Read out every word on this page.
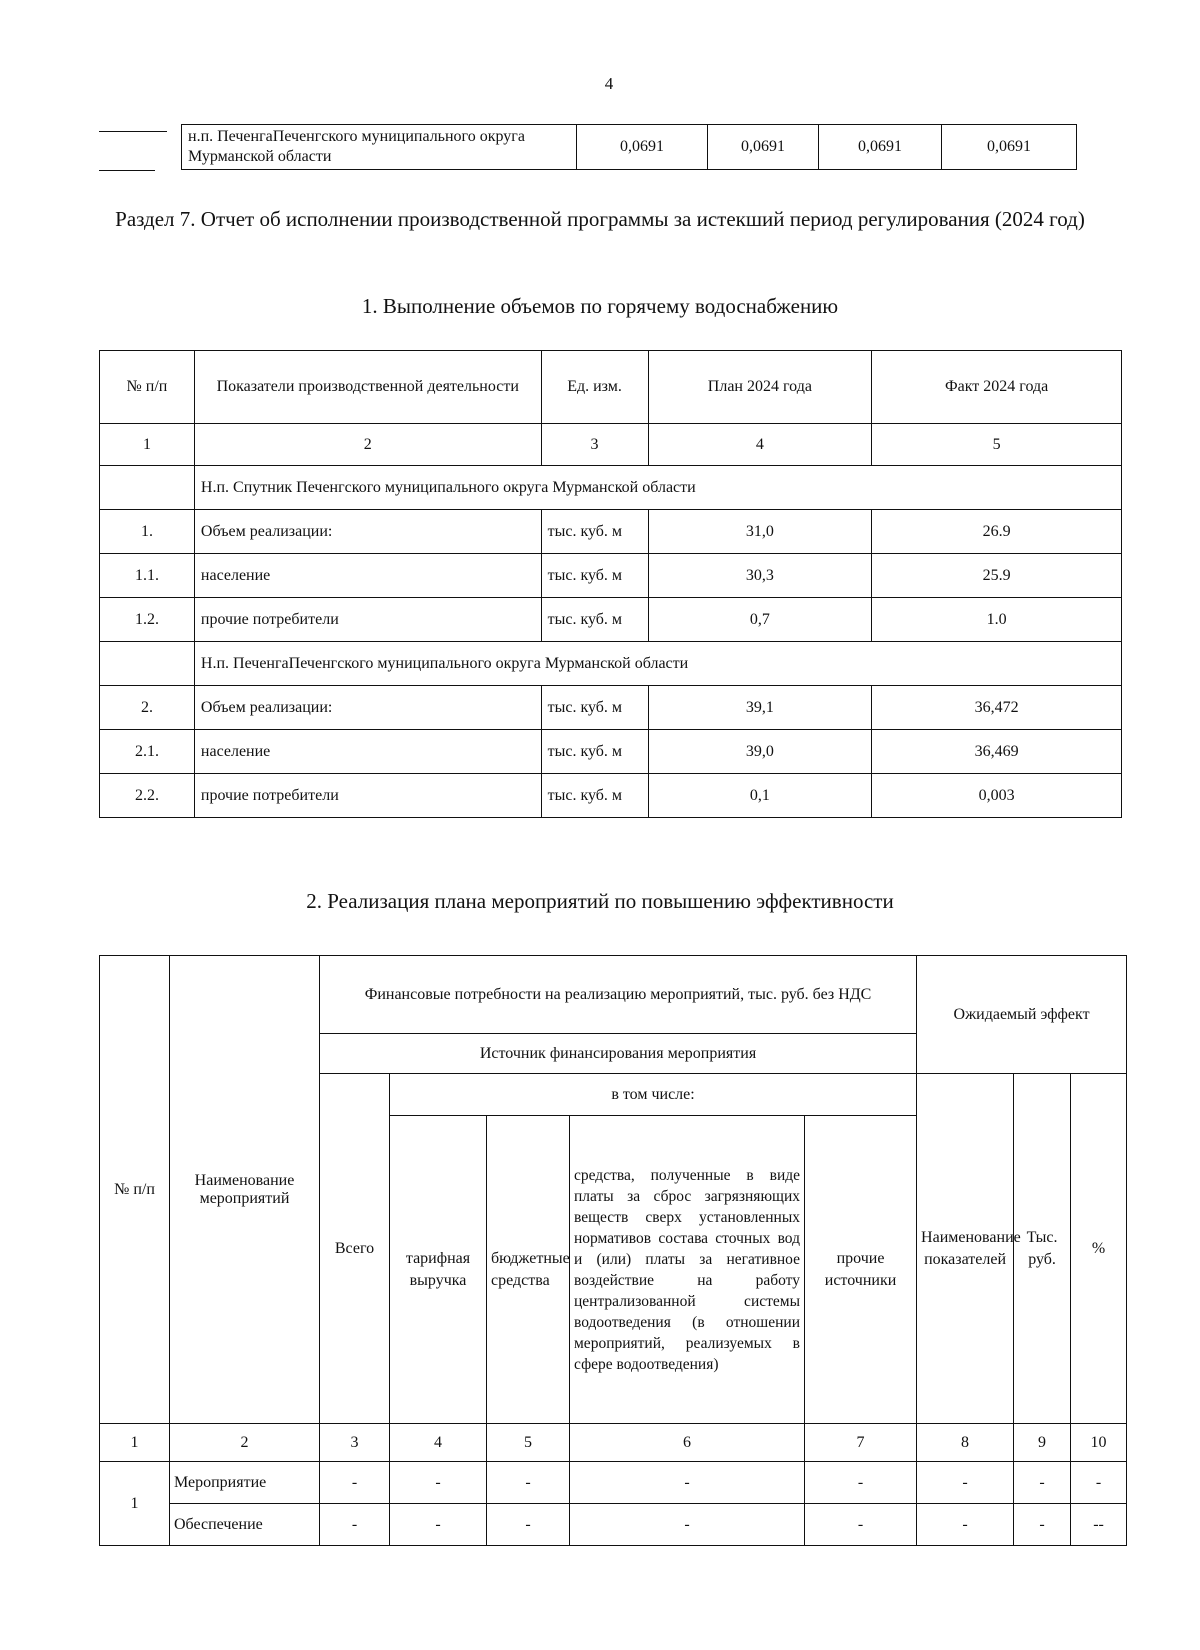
4
н.п. ПеченгаПеченгского муниципального округа Мурманской области	0,0691	0,0691	0,0691	0,0691
Раздел 7. Отчет об исполнении производственной программы за истекший период регулирования (2024 год)
1. Выполнение объемов по горячему водоснабжению
№ п/п	Показатели производственной деятельности	Ед. изм.	План 2024 года	Факт 2024 года
1	2	3	4	5
	Н.п. Спутник Печенгского муниципального округа Мурманской области			
1.	Объем реализации:	тыс. куб. м	31,0	26.9
1.1.	население	тыс. куб. м	30,3	25.9
1.2.	прочие потребители	тыс. куб. м	0,7	1.0
	Н.п. ПеченгаПеченгского муниципального округа Мурманской области			
2.	Объем реализации:	тыс. куб. м	39,1	36,472
2.1.	население	тыс. куб. м	39,0	36,469
2.2.	прочие потребители	тыс. куб. м	0,1	0,003
2. Реализация плана мероприятий по повышению эффективности
№ п/п	Наименование мероприятий	Финансовые потребности на реализацию мероприятий, тыс. руб. без НДС					Ожидаемый эффект		
		Источник финансирования мероприятия							
		Всего	в том числе:				Наименование показателей	Тыс. руб.	%
			тарифная выручка	бюджетные средства	средства, полученные в виде платы за сброс загрязняющих веществ сверх установленных нормативов состава сточных вод и (или) платы за негативное воздействие на работу централизованной системы водоотведения (в отношении мероприятий, реализуемых в сфере водоотведения)	прочие источники			
1	2	3	4	5	6	7	8	9	10
1	Мероприятие	-	-	-	-	-	-	-	-
	Обеспечение	-	-	-	-	-	-	-	--
